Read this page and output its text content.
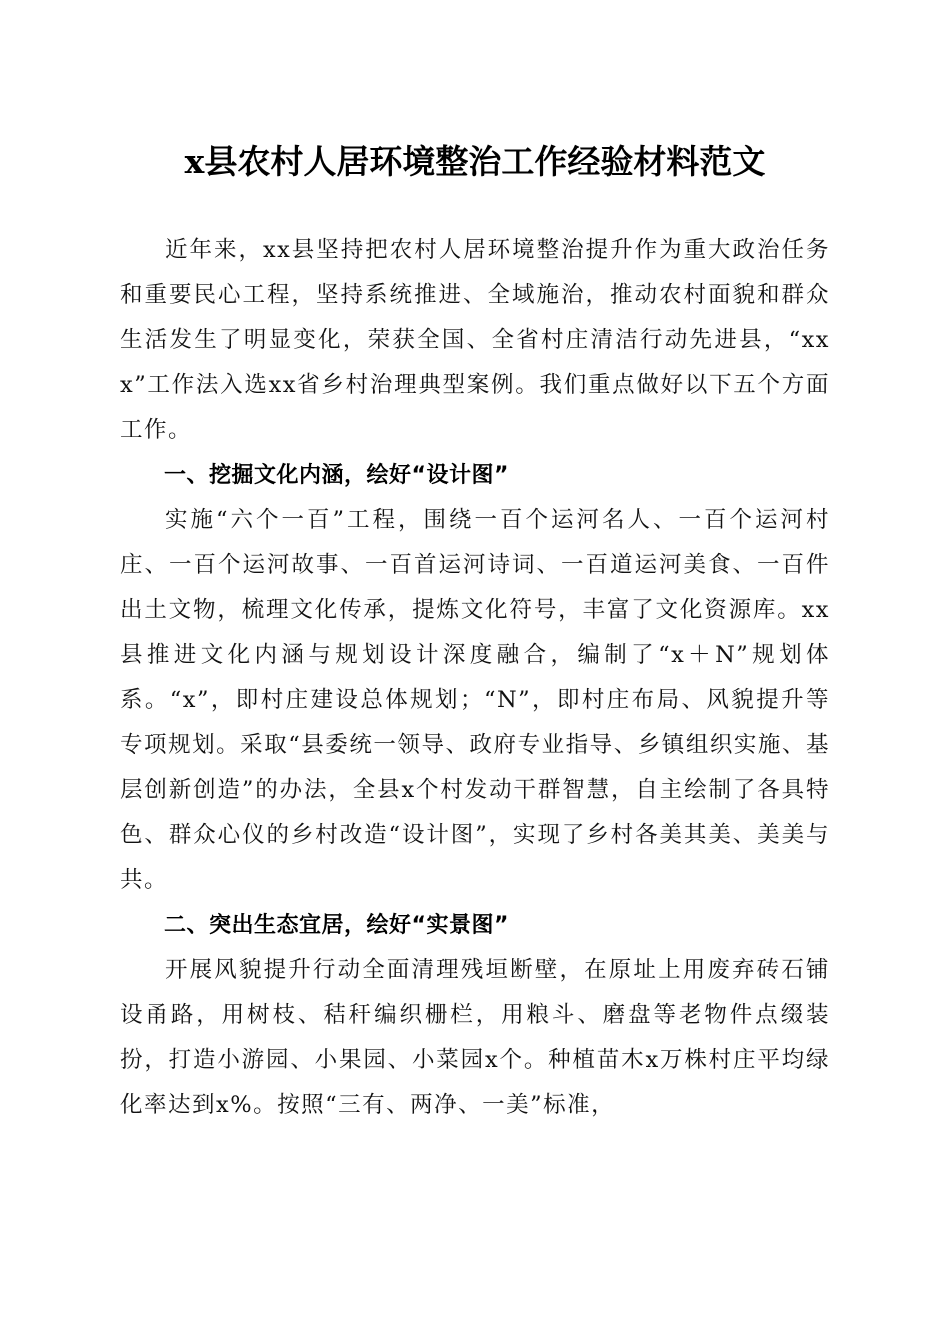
x县农村人居环境整治工作经验材料范文

近年来，xx县坚持把农村人居环境整治提升作为重大政治任务和重要民心工程，坚持系统推进、全域施治，推动农村面貌和群众生活发生了明显变化，荣获全国、全省村庄清洁行动先进县，“xxx”工作法入选xx省乡村治理典型案例。我们重点做好以下五个方面工作。

一、挖掘文化内涵，绘好“设计图”

实施“六个一百”工程，围绕一百个运河名人、一百个运河村庄、一百个运河故事、一百首运河诗词、一百道运河美食、一百件出土文物，梳理文化传承，提炼文化符号，丰富了文化资源库。xx县推进文化内涵与规划设计深度融合，编制了“x＋N”规划体系。“x”，即村庄建设总体规划；“N”，即村庄布局、风貌提升等专项规划。采取“县委统一领导、政府专业指导、乡镇组织实施、基层创新创造”的办法，全县x个村发动干群智慧，自主绘制了各具特色、群众心仪的乡村改造“设计图”，实现了乡村各美其美、美美与共。

二、突出生态宜居，绘好“实景图”

开展风貌提升行动全面清理残垣断壁，在原址上用废弃砖石铺设甬路，用树枝、秸秆编织栅栏，用粮斗、磨盘等老物件点缀装扮，打造小游园、小果园、小菜园x个。种植苗木x万株村庄平均绿化率达到x%。按照“三有、两净、一美”标准，
